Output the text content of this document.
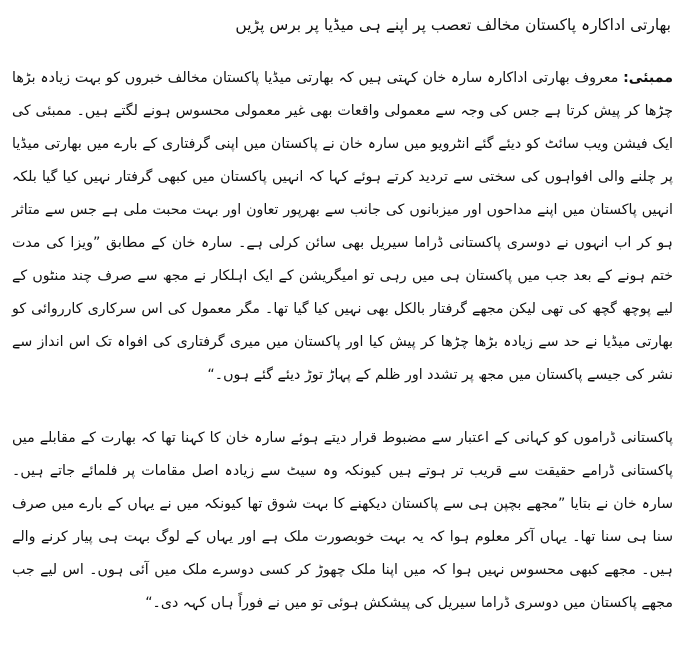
بھارتی اداکارہ پاکستان مخالف تعصب پر اپنے ہی میڈیا پر برس پڑیں

ممبئی: معروف بھارتی اداکارہ سارہ خان کہتی ہیں کہ بھارتی میڈیا پاکستان مخالف خبروں کو بہت زیادہ بڑھا چڑھا کر پیش کرتا ہے جس کی وجہ سے معمولی واقعات بھی غیر معمولی محسوس ہونے لگتے ہیں۔ ممبئی کی ایک فیشن ویب سائٹ کو دیئے گئے انٹرویو میں سارہ خان نے پاکستان میں اپنی گرفتاری کے بارے میں بھارتی میڈیا پر چلنے والی افواہوں کی سختی سے تردید کرتے ہوئے کہا کہ انہیں پاکستان میں کبھی گرفتار نہیں کیا گیا بلکہ انہیں پاکستان میں اپنے مداحوں اور میزبانوں کی جانب سے بھرپور تعاون اور بہت محبت ملی ہے جس سے متاثر ہو کر اب انہوں نے دوسری پاکستانی ڈراما سیریل بھی سائن کرلی ہے۔ سارہ خان کے مطابق ”ویزا کی مدت ختم ہونے کے بعد جب میں پاکستان ہی میں رہی تو امیگریشن کے ایک اہلکار نے مجھ سے صرف چند منٹوں کے لیے پوچھ گچھ کی تھی لیکن مجھے گرفتار بالکل بھی نہیں کیا گیا تھا۔ مگر معمول کی اس سرکاری کارروائی کو بھارتی میڈیا نے حد سے زیادہ بڑھا چڑھا کر پیش کیا اور پاکستان میں میری گرفتاری کی افواہ تک اس انداز سے نشر کی جیسے پاکستان میں مجھ پر تشدد اور ظلم کے پہاڑ توڑ دیئے گئے ہوں۔“

پاکستانی ڈراموں کو کہانی کے اعتبار سے مضبوط قرار دیتے ہوئے سارہ خان کا کہنا تھا کہ بھارت کے مقابلے میں پاکستانی ڈرامے حقیقت سے قریب تر ہوتے ہیں کیونکہ وہ سیٹ سے زیادہ اصل مقامات پر فلمائے جاتے ہیں۔ سارہ خان نے بتایا ”مجھے بچپن ہی سے پاکستان دیکھنے کا بہت شوق تھا کیونکہ میں نے یہاں کے بارے میں صرف سنا ہی سنا تھا۔ یہاں آکر معلوم ہوا کہ یہ بہت خوبصورت ملک ہے اور یہاں کے لوگ بہت ہی پیار کرنے والے ہیں۔ مجھے کبھی محسوس نہیں ہوا کہ میں اپنا ملک چھوڑ کر کسی دوسرے ملک میں آئی ہوں۔ اس لیے جب مجھے پاکستان میں دوسری ڈراما سیریل کی پیشکش ہوئی تو میں نے فوراً ہاں کہہ دی۔“
